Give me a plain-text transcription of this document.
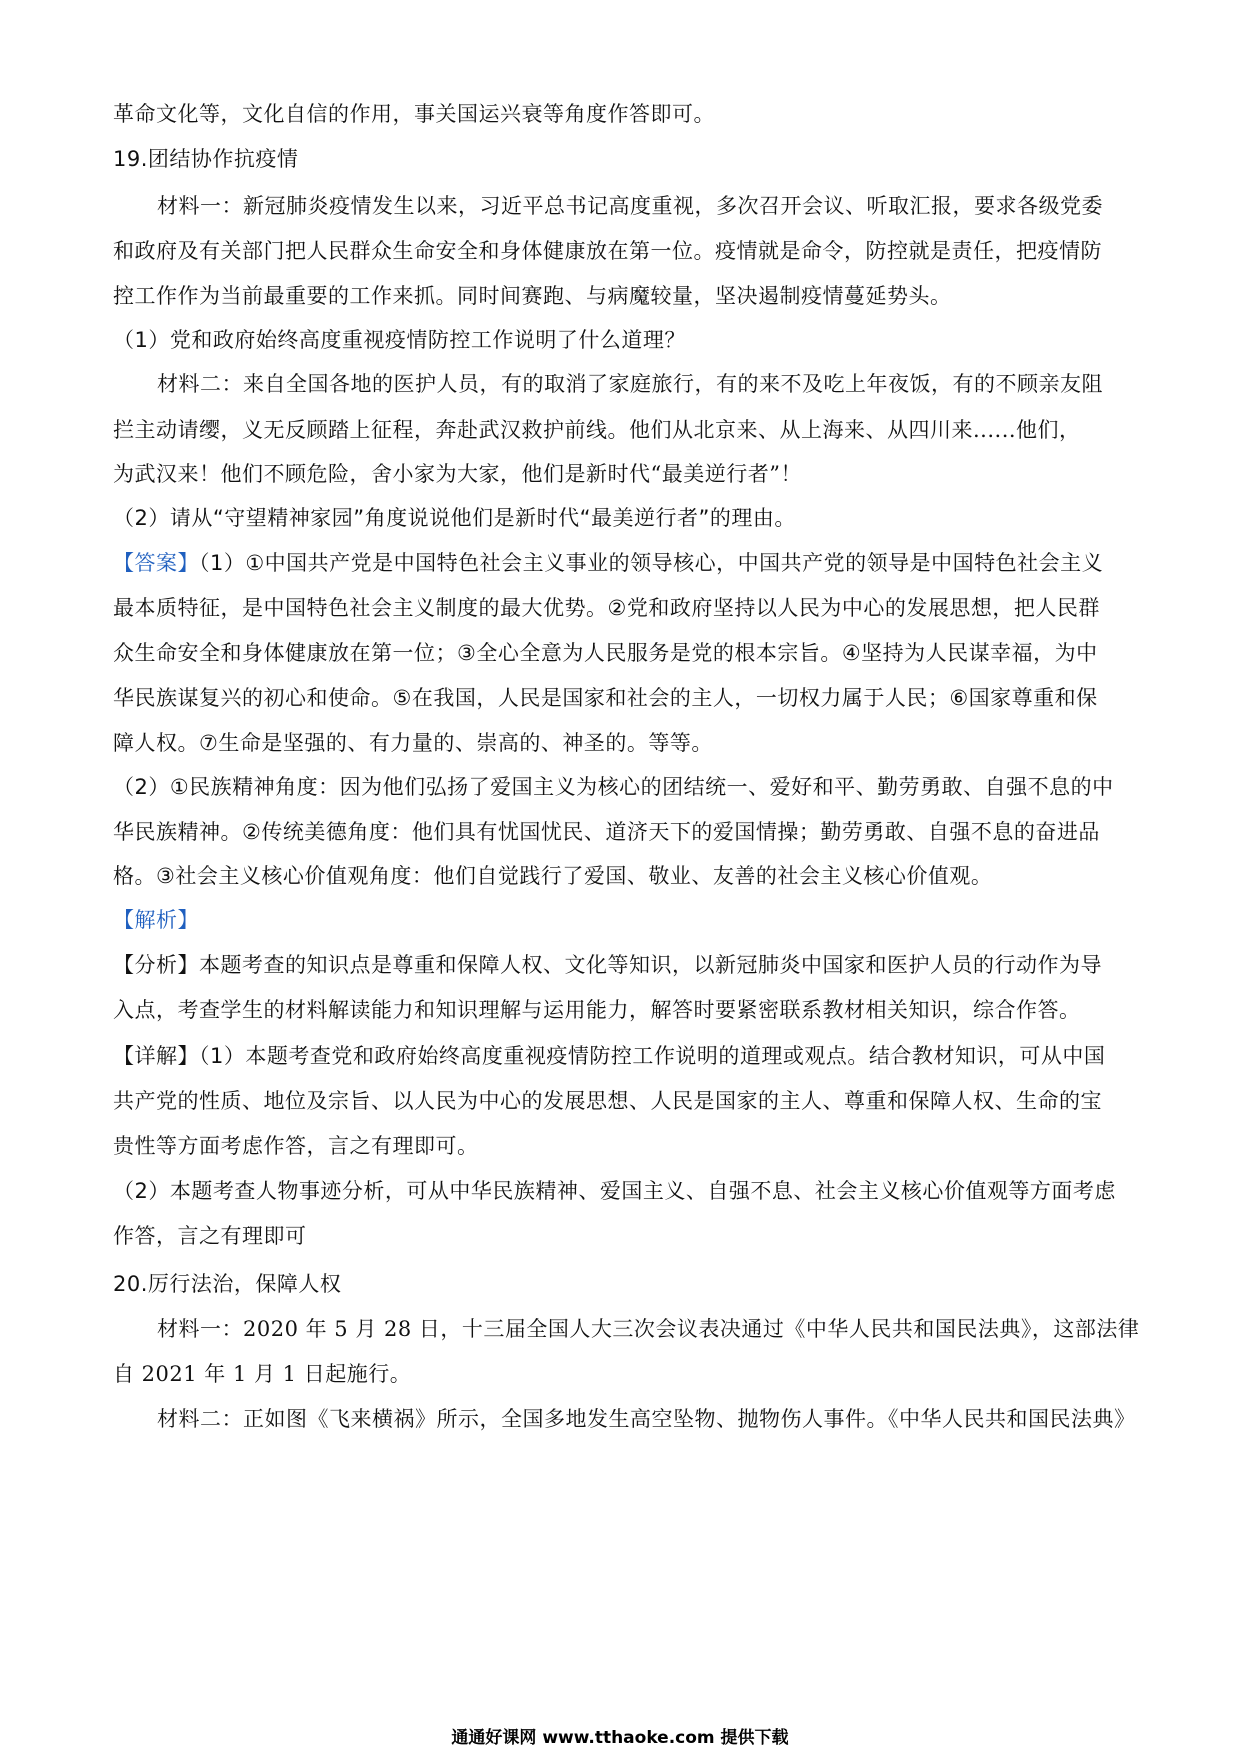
革命文化等，文化自信的作用，事关国运兴衰等角度作答即可。
19.团结协作抗疫情
材料一：新冠肺炎疫情发生以来，习近平总书记高度重视，多次召开会议、听取汇报，要求各级党委
和政府及有关部门把人民群众生命安全和身体健康放在第一位。疫情就是命令，防控就是责任，把疫情防
控工作作为当前最重要的工作来抓。同时间赛跑、与病魔较量，坚决遏制疫情蔓延势头。
（1）党和政府始终高度重视疫情防控工作说明了什么道理？
材料二：来自全国各地的医护人员，有的取消了家庭旅行，有的来不及吃上年夜饭，有的不顾亲友阻
拦主动请缨，义无反顾踏上征程，奔赴武汉救护前线。他们从北京来、从上海来、从四川来......他们，
为武汉来！他们不顾危险，舍小家为大家，他们是新时代“最美逆行者”！
（2）请从“守望精神家园”角度说说他们是新时代“最美逆行者”的理由。
【答案】（1）①中国共产党是中国特色社会主义事业的领导核心，中国共产党的领导是中国特色社会主义
最本质特征，是中国特色社会主义制度的最大优势。②党和政府坚持以人民为中心的发展思想，把人民群
众生命安全和身体健康放在第一位；③全心全意为人民服务是党的根本宗旨。④坚持为人民谋幸福，为中
华民族谋复兴的初心和使命。⑤在我国，人民是国家和社会的主人，一切权力属于人民；⑥国家尊重和保
障人权。⑦生命是坚强的、有力量的、崇高的、神圣的。等等。
（2）①民族精神角度：因为他们弘扬了爱国主义为核心的团结统一、爱好和平、勤劳勇敢、自强不息的中
华民族精神。②传统美德角度：他们具有忧国忧民、道济天下的爱国情操；勤劳勇敢、自强不息的奋进品
格。③社会主义核心价值观角度：他们自觉践行了爱国、敬业、友善的社会主义核心价值观。
【解析】
【分析】本题考查的知识点是尊重和保障人权、文化等知识，以新冠肺炎中国家和医护人员的行动作为导
入点，考查学生的材料解读能力和知识理解与运用能力，解答时要紧密联系教材相关知识，综合作答。
【详解】（1）本题考查党和政府始终高度重视疫情防控工作说明的道理或观点。结合教材知识，可从中国
共产党的性质、地位及宗旨、以人民为中心的发展思想、人民是国家的主人、尊重和保障人权、生命的宝
贵性等方面考虑作答，言之有理即可。
（2）本题考查人物事迹分析，可从中华民族精神、爱国主义、自强不息、社会主义核心价值观等方面考虑
作答，言之有理即可
20.厉行法治，保障人权
材料一：2020 年 5 月 28 日，十三届全国人大三次会议表决通过《中华人民共和国民法典》，这部法律
自 2021 年 1 月 1 日起施行。
材料二：正如图《飞来横祸》所示，全国多地发生高空坠物、抛物伤人事件。《中华人民共和国民法典》
通通好课网 www.tthaoke.com 提供下载
